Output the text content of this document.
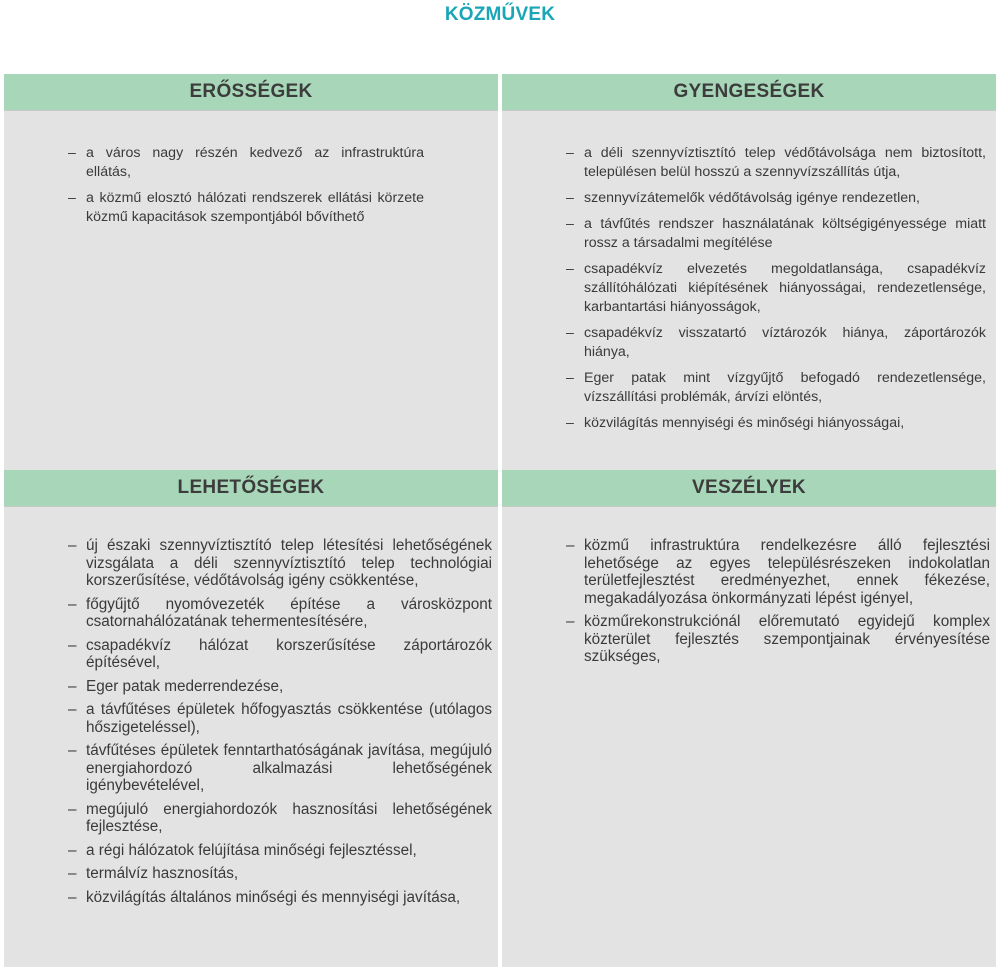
KÖZMŰVEK
ERŐSSÉGEK	GYENGESÉGEK
– a város nagy részén kedvező az infrastruktúra ellátás,
– a közmű elosztó hálózati rendszerek ellátási körzete közmű kapacitások szempontjából bővíthető
– a déli szennyvíztisztító telep védőtávolsága nem biztosított, településen belül hosszú a szennyvízszállítás útja,
– szennyvízátemelők védőtávolság igénye rendezetlen,
– a távfűtés rendszer használatának költségigényessége miatt rossz a társadalmi megítélése
– csapadékvíz elvezetés megoldatlansága, csapadékvíz szállítóhálózati kiépítésének hiányosságai, rendezetlensége, karbantartási hiányosságok,
– csapadékvíz visszatartó víztározók hiánya, záportározók hiánya,
– Eger patak mint vízgyűjtő befogadó rendezetlensége, vízszállítási problémák, árvízi elöntés,
– közvilágítás mennyiségi és minőségi hiányosságai,
LEHETŐSÉGEK	VESZÉLYEK
– új északi szennyvíztisztító telep létesítési lehetőségének vizsgálata a déli szennyvíztisztító telep technológiai korszerűsítése, védőtávolság igény csökkentése,
– főgyűjtő nyomóvezeték építése a városközpont csatornahálózatának tehermentesítésére,
– csapadékvíz hálózat korszerűsítése záportározók építésével,
– Eger patak mederrendezése,
– a távfűtéses épületek hőfogyasztás csökkentése (utólagos hőszigeteléssel),
– távfűtéses épületek fenntarthatóságának javítása, megújuló energiahordozó alkalmazási lehetőségének igénybevételével,
– megújuló energiahordozók hasznosítási lehetőségének fejlesztése,
– a régi hálózatok felújítása minőségi fejlesztéssel,
– termálvíz hasznosítás,
– közvilágítás általános minőségi és mennyiségi javítása,
– közmű infrastruktúra rendelkezésre álló fejlesztési lehetősége az egyes településrészeken indokolatlan területfejlesztést eredményezhet, ennek fékezése, megakadályozása önkormányzati lépést igényel,
– közműrekonstrukciónál előremutató egyidejű komplex közterület fejlesztés szempontjainak érvényesítése szükséges,
